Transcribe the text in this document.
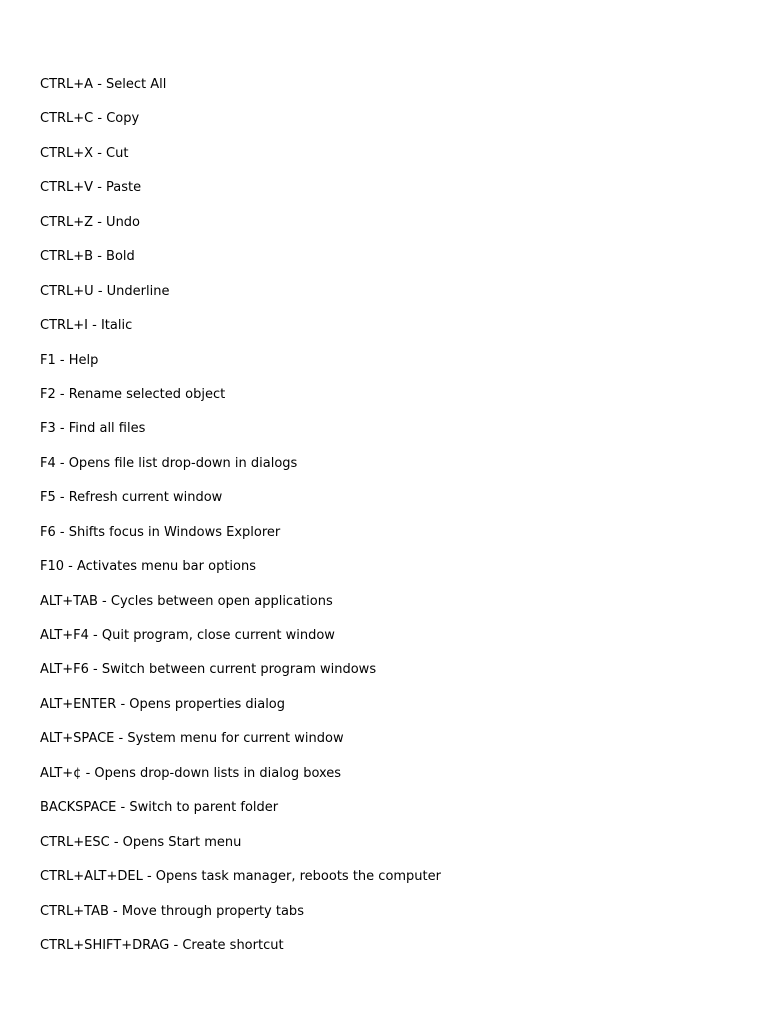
CTRL+A - Select All
CTRL+C - Copy
CTRL+X - Cut
CTRL+V - Paste
CTRL+Z - Undo
CTRL+B - Bold
CTRL+U - Underline
CTRL+I - Italic
F1 - Help
F2 - Rename selected object
F3 - Find all files
F4 - Opens file list drop-down in dialogs
F5 - Refresh current window
F6 - Shifts focus in Windows Explorer
F10 - Activates menu bar options
ALT+TAB - Cycles between open applications
ALT+F4 - Quit program, close current window
ALT+F6 - Switch between current program windows
ALT+ENTER - Opens properties dialog
ALT+SPACE - System menu for current window
ALT+¢ - Opens drop-down lists in dialog boxes
BACKSPACE - Switch to parent folder
CTRL+ESC - Opens Start menu
CTRL+ALT+DEL - Opens task manager, reboots the computer
CTRL+TAB - Move through property tabs
CTRL+SHIFT+DRAG - Create shortcut
